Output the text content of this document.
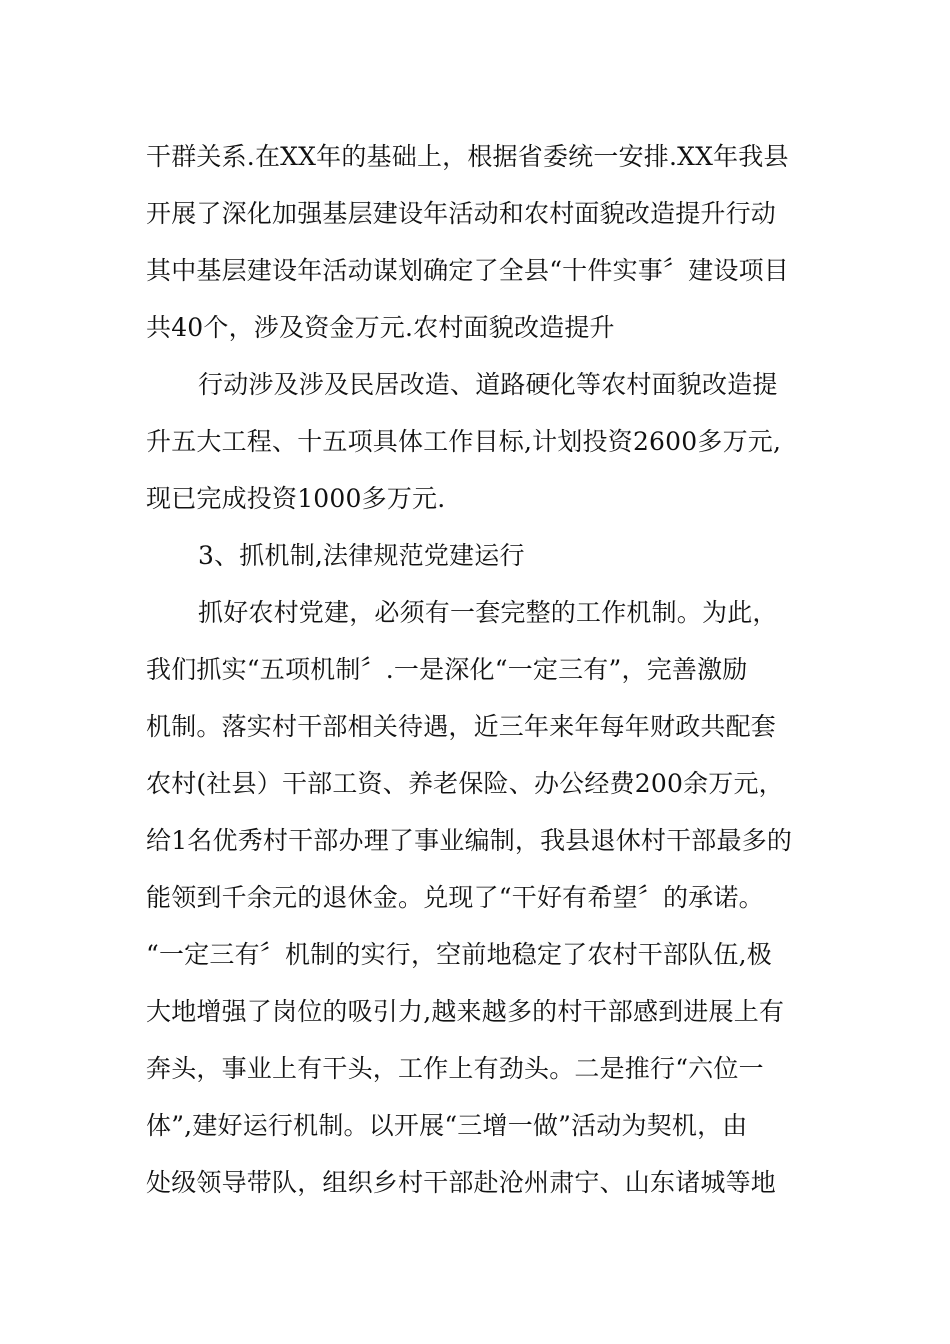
干群关系.在XX年的基础上，根据省委统一安排.XX年我县
开展了深化加强基层建设年活动和农村面貌改造提升行动
其中基层建设年活动谋划确定了全县“十件实事〞建设项目
共40个，涉及资金万元.农村面貌改造提升
行动涉及涉及民居改造、道路硬化等农村面貌改造提
升五大工程、十五项具体工作目标,计划投资2600多万元,
现已完成投资1000多万元.
3、抓机制,法律规范党建运行
抓好农村党建，必须有一套完整的工作机制。为此，
我们抓实“五项机制〞.一是深化“一定三有”，完善激励
机制。落实村干部相关待遇，近三年来年每年财政共配套
农村(社县）干部工资、养老保险、办公经费200余万元，
给1名优秀村干部办理了事业编制，我县退休村干部最多的
能领到千余元的退休金。兑现了“干好有希望〞的承诺。
“一定三有〞机制的实行，空前地稳定了农村干部队伍,极
大地增强了岗位的吸引力,越来越多的村干部感到进展上有
奔头，事业上有干头，工作上有劲头。二是推行“六位一
体”,建好运行机制。以开展“三增一做”活动为契机，由
处级领导带队，组织乡村干部赴沧州肃宁、山东诸城等地
